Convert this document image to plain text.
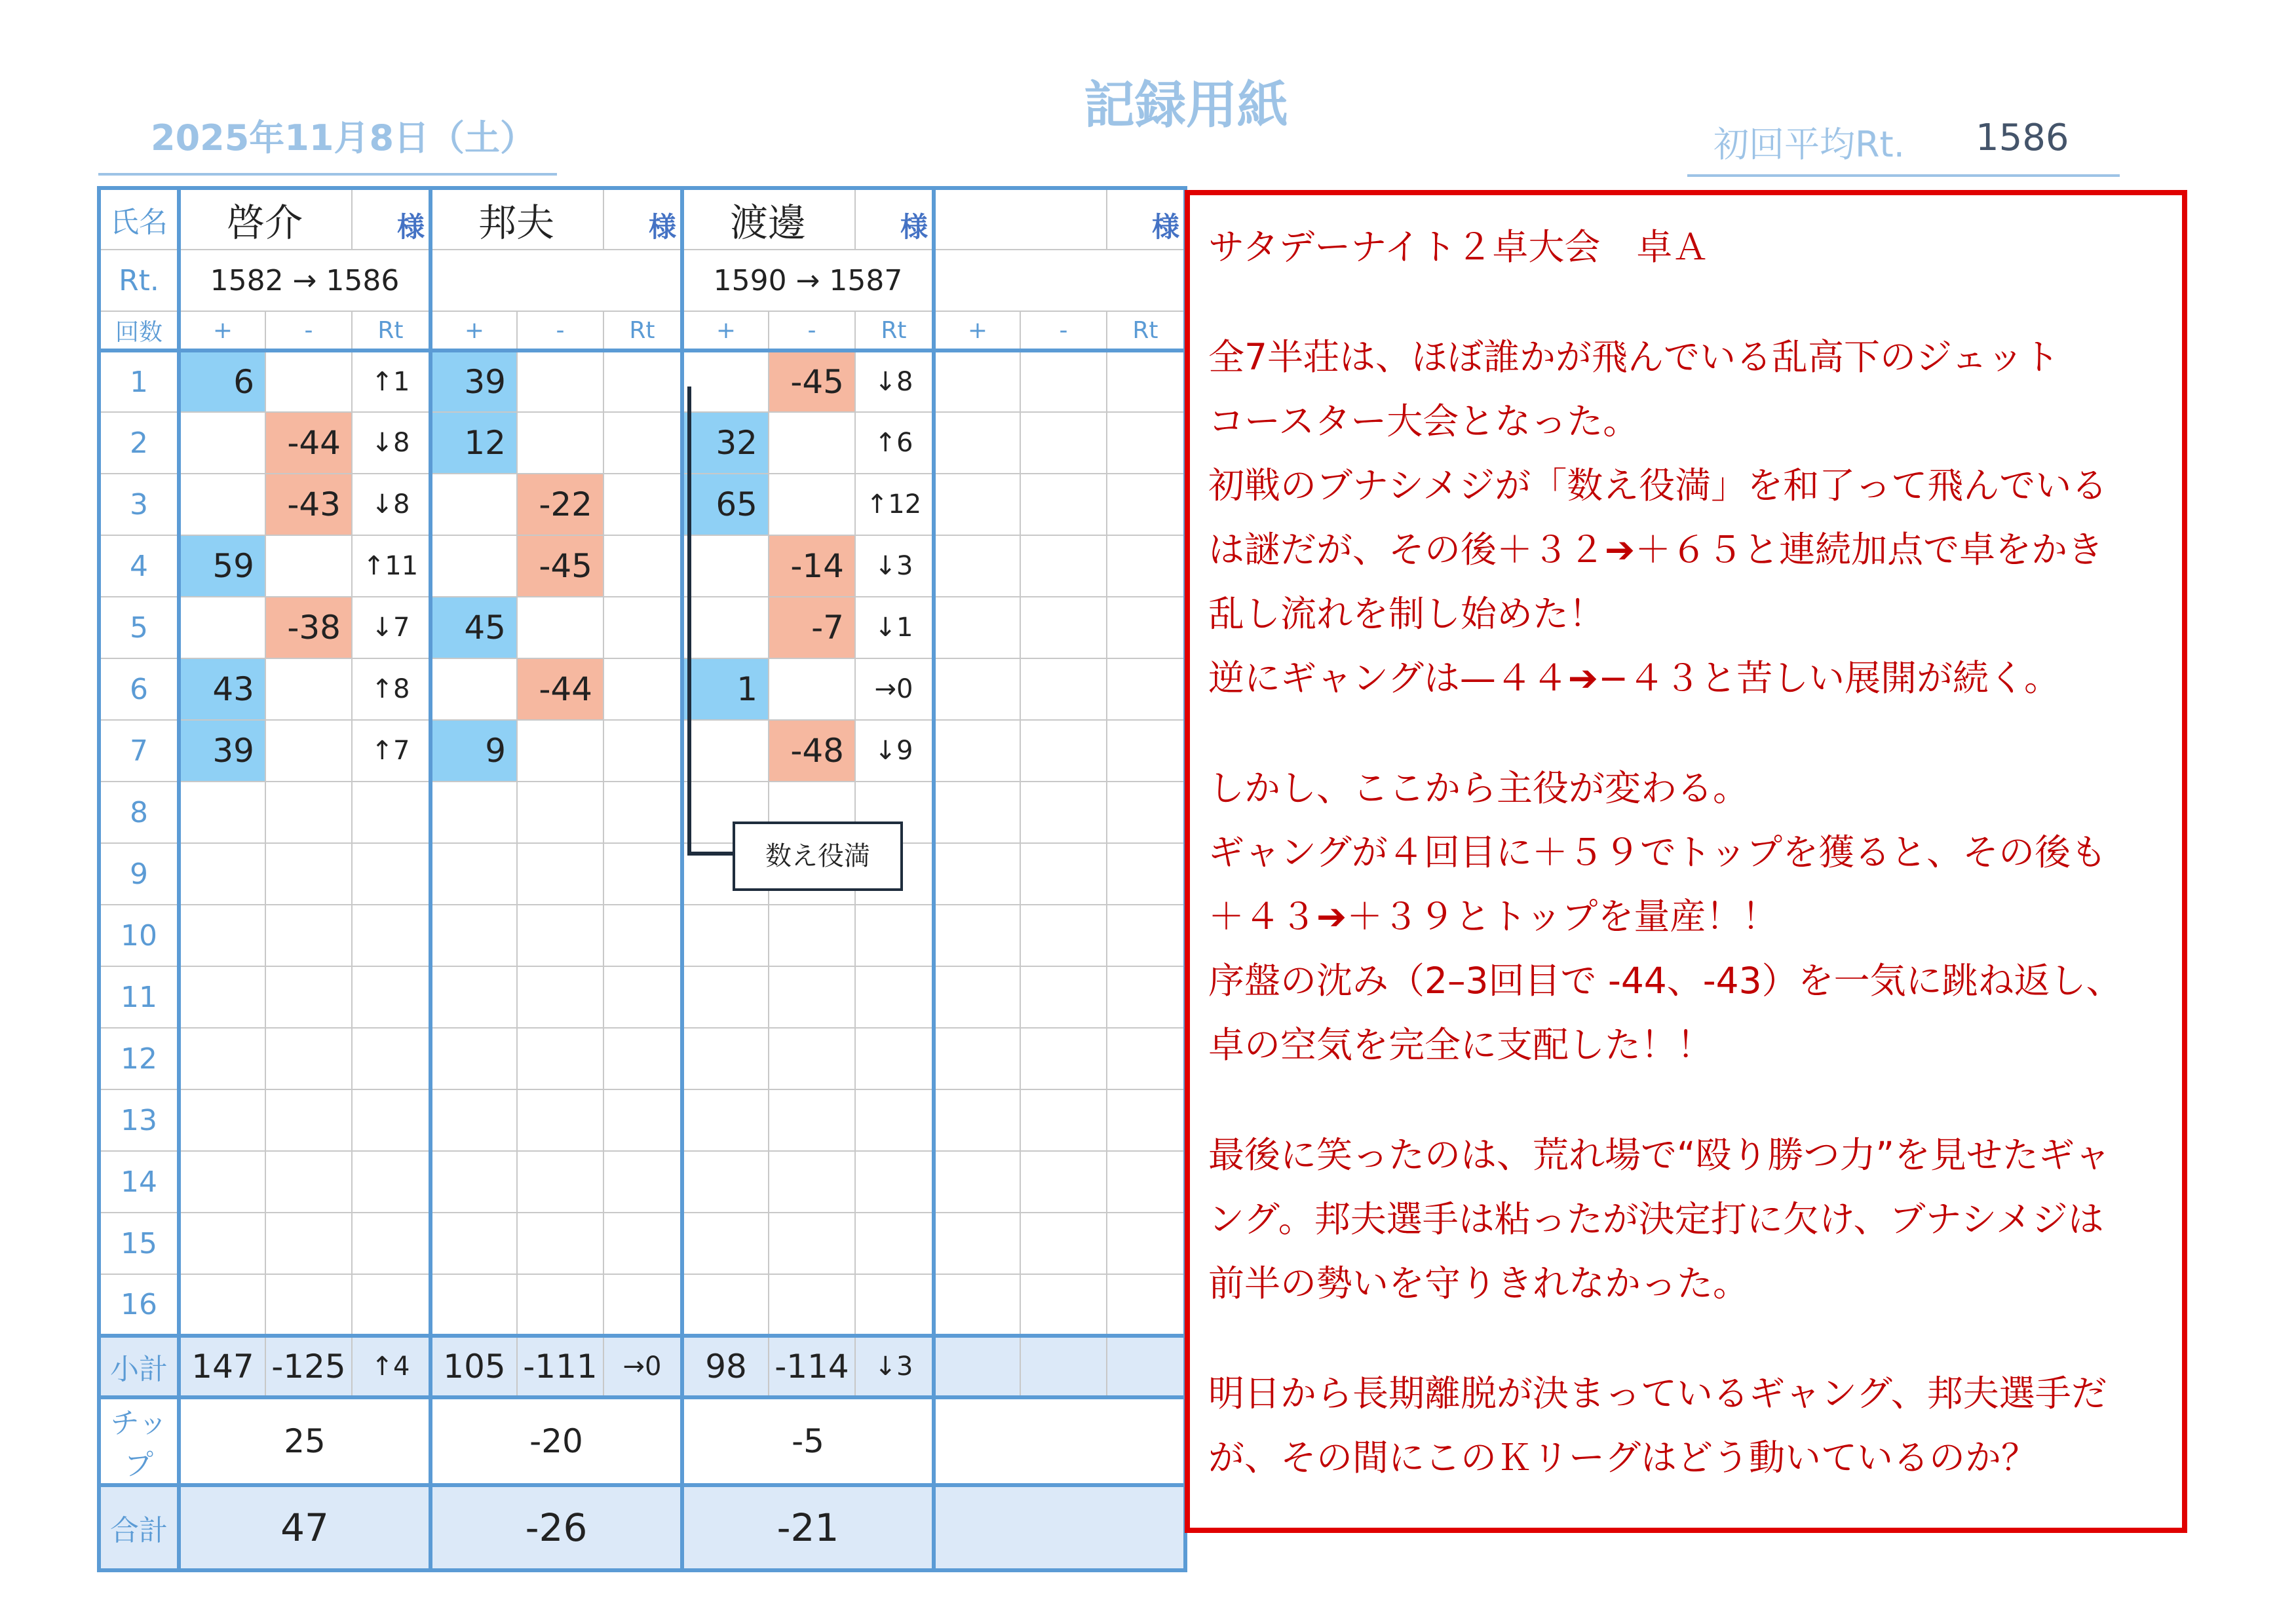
記録用紙
2025年11月8日（土）	初回平均Rt. 1586
氏名	啓介		様	邦夫		様	渡邊		様			様
Rt.	1582 → 1586						1590 → 1587					
回数	+	-	Rt	+	-	Rt	+	-	Rt	+	-	Rt
1	6		↑1	39				-45	↓8			
2		-44	↓8	12			32		↑6			
3		-43	↓8		-22		65		↑12			
4	59		↑11		-45			-14	↓3			
5		-38	↓7	45				-7	↓1			
6	43		↑8		-44		1		→0			
7	39		↑7	9				-48	↓9			
8												
9												
10												
11												
12												
13												
14												
15												
16												
小計	147	-125	↑4	105	-111	→0	98	-114	↓3			
チップ	25			-20			-5					
合計	47			-26			-21					
数え役満

サタデーナイト２卓大会　卓Ａ

全7半荘は、ほぼ誰かが飛んでいる乱高下のジェット

コースター大会となった。

初戦のブナシメジが「数え役満」を和了って飛んでいる

は謎だが、その後＋３２➔＋６５と連続加点で卓をかき

乱し流れを制し始めた！

逆にギャングは—４４➔−４３と苦しい展開が続く。

しかし、ここから主役が変わる。

ギャングが４回目に＋５９でトップを獲ると、その後も

＋４３➔＋３９とトップを量産！！

序盤の沈み（2–3回目で -44、-43）を一気に跳ね返し、

卓の空気を完全に支配した！！

最後に笑ったのは、荒れ場で“殴り勝つ力”を見せたギャ

ング。邦夫選手は粘ったが決定打に欠け、ブナシメジは

前半の勢いを守りきれなかった。

明日から長期離脱が決まっているギャング、邦夫選手だ

が、その間にこのＫリーグはどう動いているのか？
